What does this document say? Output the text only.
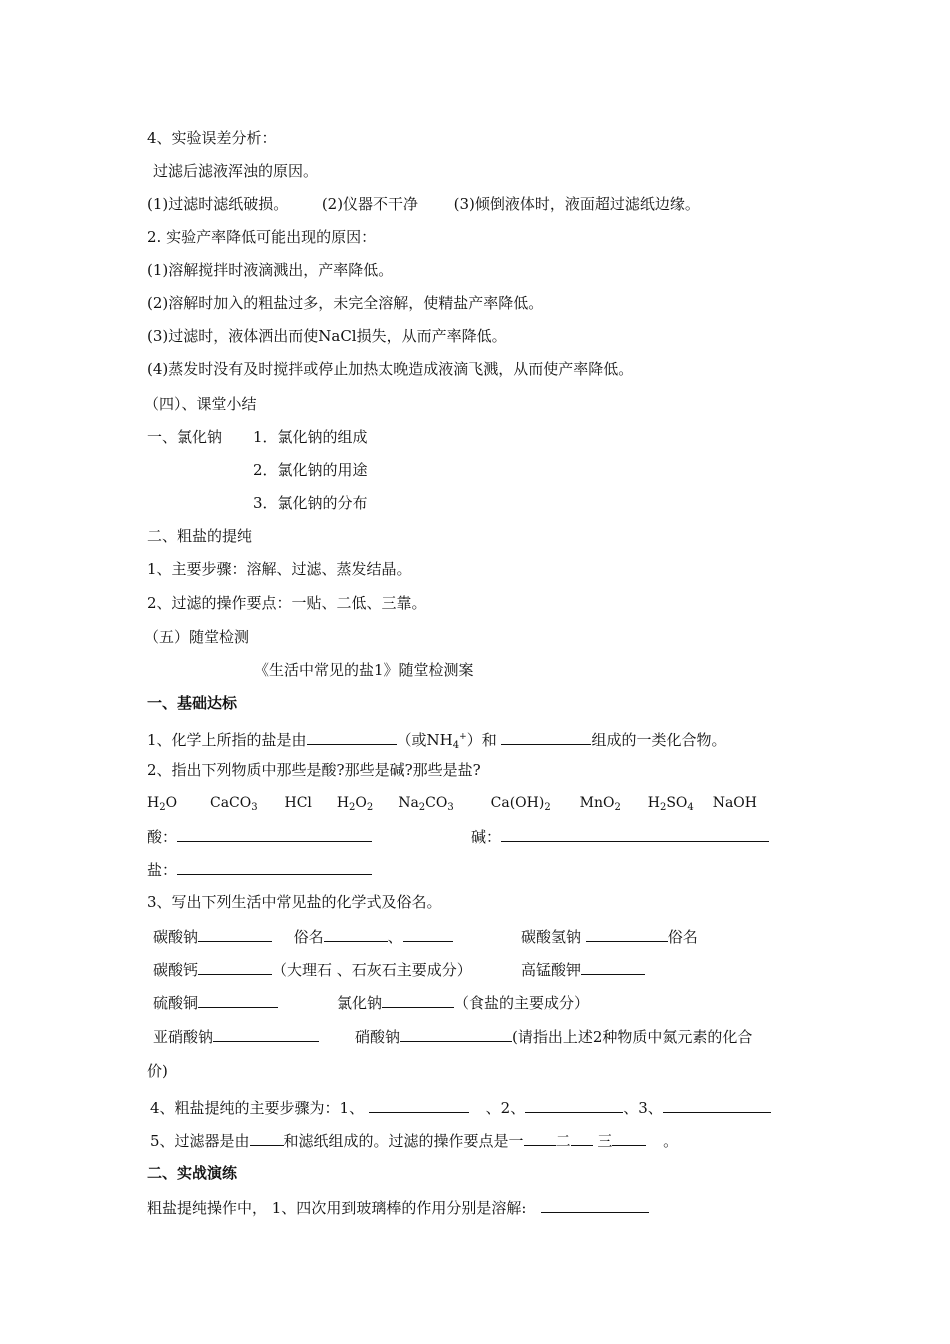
4、实验误差分析：
过滤后滤液浑浊的原因。
(1)过滤时滤纸破损。 (2)仪器不干净 (3)倾倒液体时，液面超过滤纸边缘。
2. 实验产率降低可能出现的原因：
(1)溶解搅拌时液滴溅出，产率降低。
(2)溶解时加入的粗盐过多，未完全溶解，使精盐产率降低。
(3)过滤时，液体洒出而使NaCl损失，从而产率降低。
(4)蒸发时没有及时搅拌或停止加热太晚造成液滴飞溅，从而使产率降低。
（四）、课堂小结
一、氯化钠 1．氯化钠的组成
2．氯化钠的用途
3．氯化钠的分布
二、粗盐的提纯
1、主要步骤：溶解、过滤、蒸发结晶。
2、过滤的操作要点：一贴、二低、三靠。
（五）随堂检测
《生活中常见的盐1》随堂检测案
一、基础达标
1、化学上所指的盐是由	（或$NH_4^+$）和	组成的一类化合物。
2、指出下列物质中那些是酸?那些是碱?那些是盐?
$H_2O$ CaCO$_3$ HCl $H_2O_2$ $Na_2CO_3$	$Ca(OH)_2$ MnO$_2$ $H_2SO_4$ NaOH
酸：	碱：
盐：
3、写出下列生活中常见盐的化学式及俗名。
碳酸钠	俗名	、	碳酸氢钠	俗名
碳酸钙	（大理石 、石灰石主要成分）	高锰酸钾
硫酸铜	氯化钠	（食盐的主要成分）
亚硝酸钠	硝酸钠	(请指出上述2种物质中氮元素的化合
价)
4、粗盐提纯的主要步骤为：1、	、2、	、3、
5、过滤器是由 和滤纸组成的。过滤的操作要点是一 二 三	。
二、实战演练
粗盐提纯操作中， 1、四次用到玻璃棒的作用分别是溶解:
